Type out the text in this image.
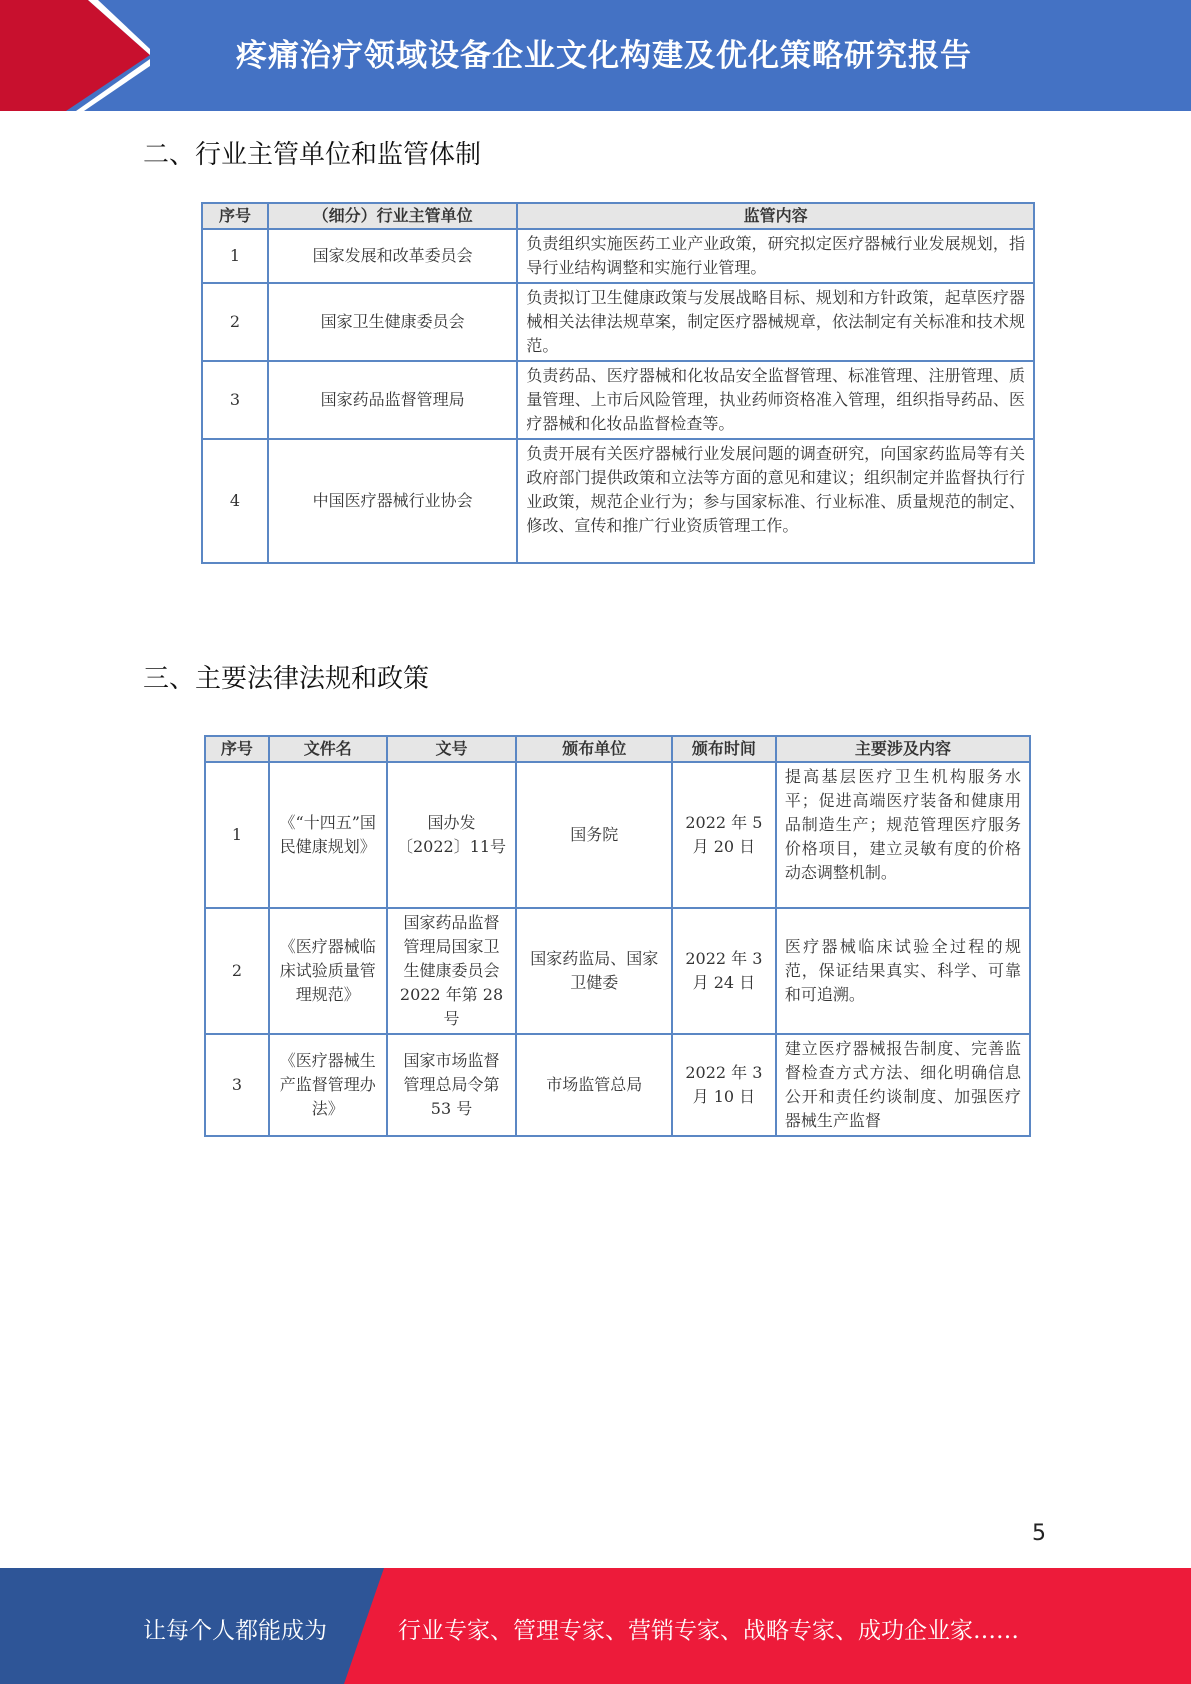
疼痛治疗领域设备企业文化构建及优化策略研究报告
二、行业主管单位和监管体制
序号	（细分）行业主管单位	监管内容
1	国家发展和改革委员会	负责组织实施医药工业产业政策，研究拟定医疗器械行业发展规划，指导行业结构调整和实施行业管理。
2	国家卫生健康委员会	负责拟订卫生健康政策与发展战略目标、规划和方针政策，起草医疗器械相关法律法规草案，制定医疗器械规章，依法制定有关标准和技术规范。
3	国家药品监督管理局	负责药品、医疗器械和化妆品安全监督管理、标准管理、注册管理、质量管理、上市后风险管理，执业药师资格准入管理，组织指导药品、医疗器械和化妆品监督检查等。
4	中国医疗器械行业协会	负责开展有关医疗器械行业发展问题的调查研究，向国家药监局等有关政府部门提供政策和立法等方面的意见和建议；组织制定并监督执行行业政策，规范企业行为；参与国家标准、行业标准、质量规范的制定、修改、宣传和推广行业资质管理工作。
三、主要法律法规和政策
序号	文件名	文号	颁布单位	颁布时间	主要涉及内容
1	《“十四五”国民健康规划》	国办发〔2022〕11号	国务院	2022 年 5 月 20 日	提高基层医疗卫生机构服务水平；促进高端医疗装备和健康用品制造生产；规范管理医疗服务价格项目，建立灵敏有度的价格动态调整机制。
2	《医疗器械临床试验质量管理规范》	国家药品监督管理局国家卫生健康委员会 2022 年第 28 号	国家药监局、国家卫健委	2022 年 3 月 24 日	医疗器械临床试验全过程的规范，保证结果真实、科学、可靠和可追溯。
3	《医疗器械生产监督管理办法》	国家市场监督管理总局令第 53 号	市场监管总局	2022 年 3 月 10 日	建立医疗器械报告制度、完善监督检查方式方法、细化明确信息公开和责任约谈制度、加强医疗器械生产监督
5
让每个人都能成为	行业专家、管理专家、营销专家、战略专家、成功企业家……
